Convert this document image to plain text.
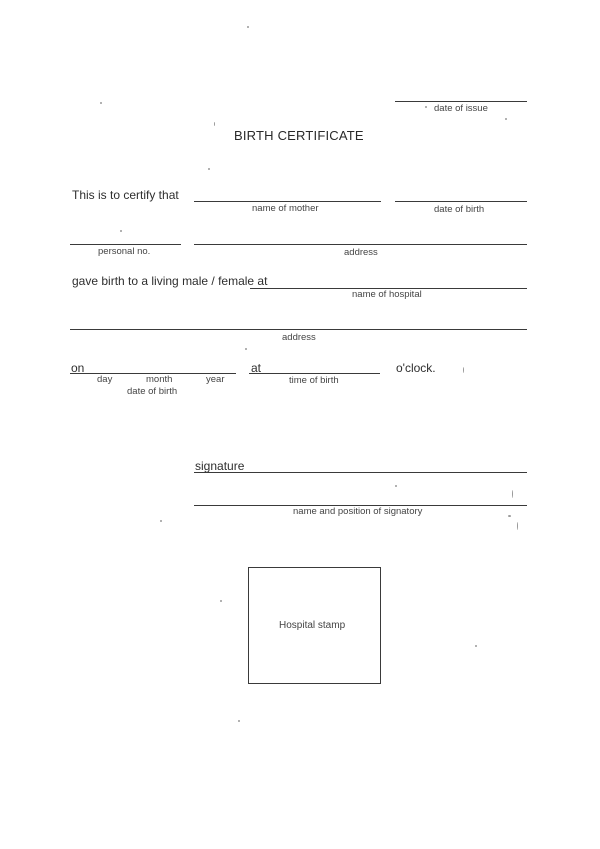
date of issue
BIRTH CERTIFICATE
This is to certify that
name of mother	date of birth
personal no.	address
gave birth to a living male / female at
name of hospital
address
on
day	month	year
date of birth
at
time of birth
o'clock.
signature
name and position of signatory
Hospital stamp
